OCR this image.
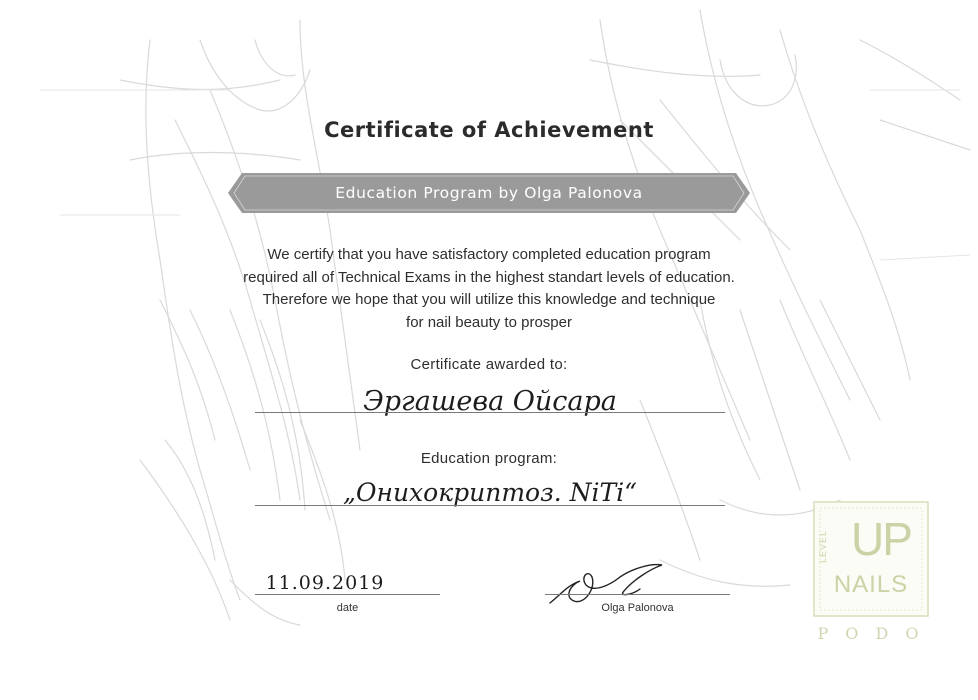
Certificate of Achievement
Education Program by Olga Palonova
We certify that you have satisfactory completed education program
required all of Technical Exams in the highest standart levels of education.
Therefore we hope that you will utilize this knowledge and technique
for nail beauty to prosper
Certificate awarded to:
Эргашева Ойсара
Education program:
„Онихокриптоз. NiTi“
11.09.2019
date	Olga Palonova
LEVEL UP
NAILS
P O D O
